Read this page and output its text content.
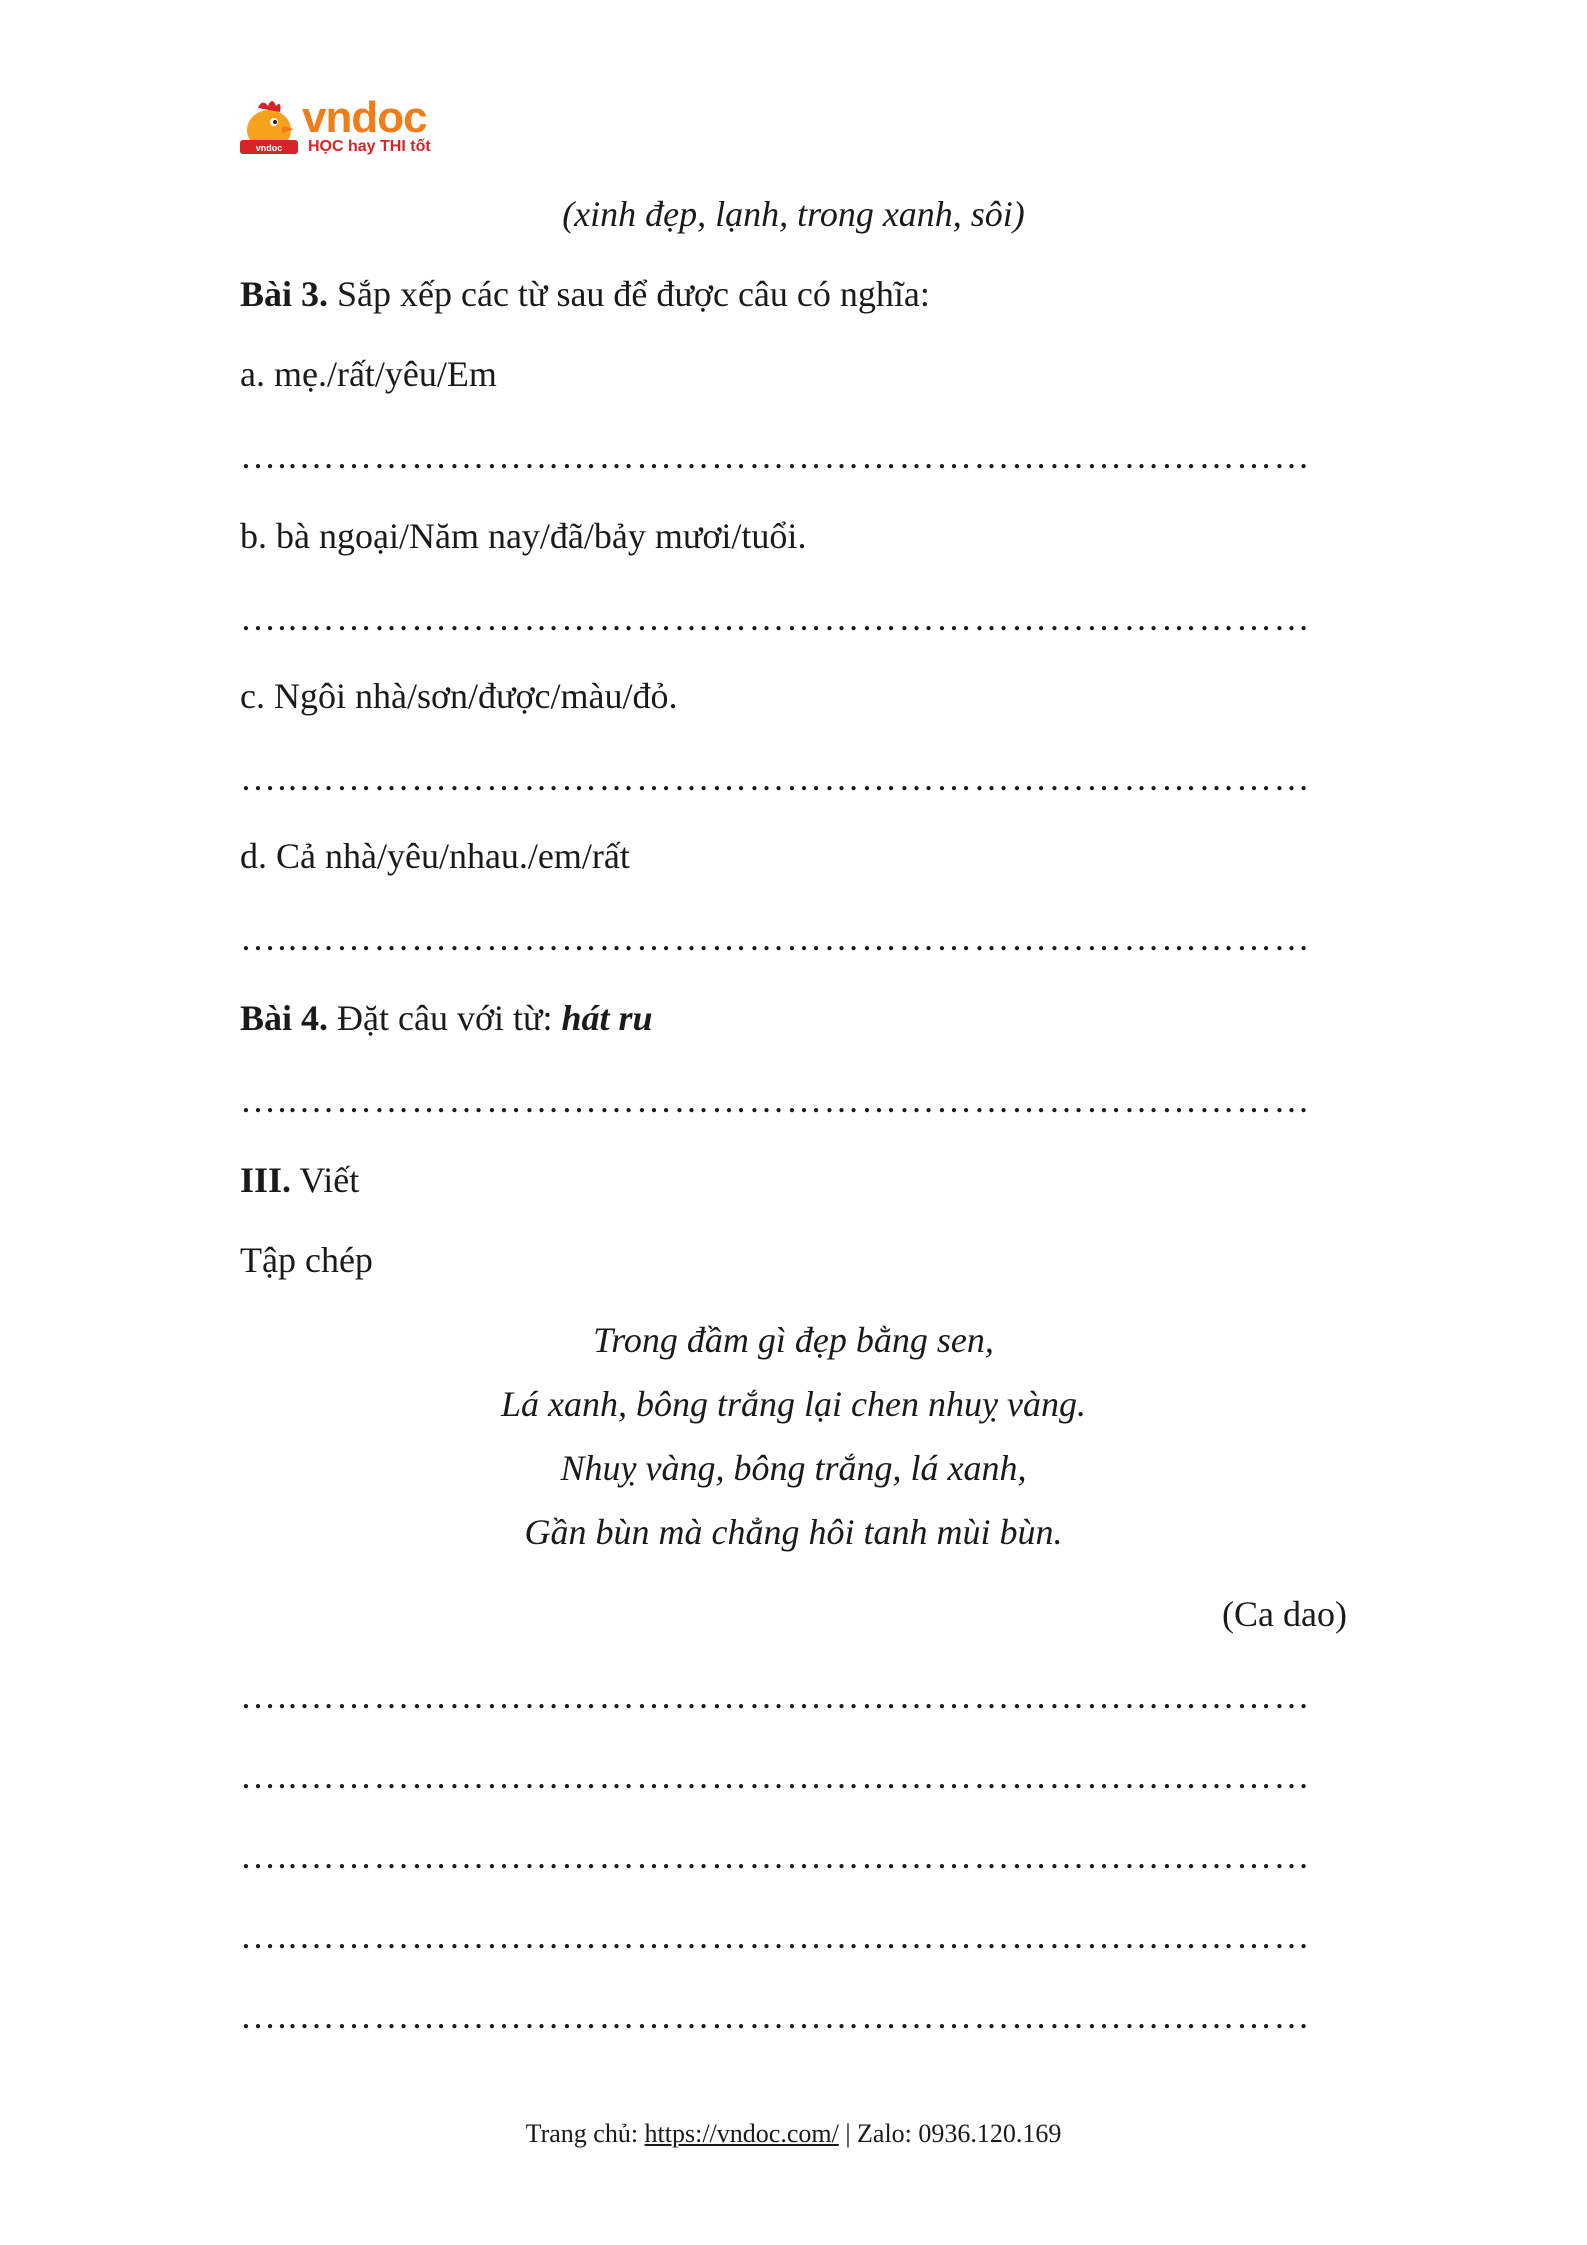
vndoc
vndoc
HỌC hay THI tốt
(xinh đẹp, lạnh, trong xanh, sôi)
Bài 3. Sắp xếp các từ sau để được câu có nghĩa:
a. mẹ./rất/yêu/Em
…..………………………………………………………………………
b. bà ngoại/Năm nay/đã/bảy mươi/tuổi.
…..………………………………………………………………………
c. Ngôi nhà/sơn/được/màu/đỏ.
…..………………………………………………………………………
d. Cả nhà/yêu/nhau./em/rất
…..………………………………………………………………………
Bài 4. Đặt câu với từ: hát ru
…..………………………………………………………………………
III. Viết
Tập chép
Trong đầm gì đẹp bằng sen,
Lá xanh, bông trắng lại chen nhuỵ vàng.
Nhuỵ vàng, bông trắng, lá xanh,
Gần bùn mà chẳng hôi tanh mùi bùn.
(Ca dao)
…..………………………………………………………………………
…..………………………………………………………………………
…..………………………………………………………………………
…..………………………………………………………………………
…..………………………………………………………………………
Trang chủ: https://vndoc.com/ | Zalo: 0936.120.169
